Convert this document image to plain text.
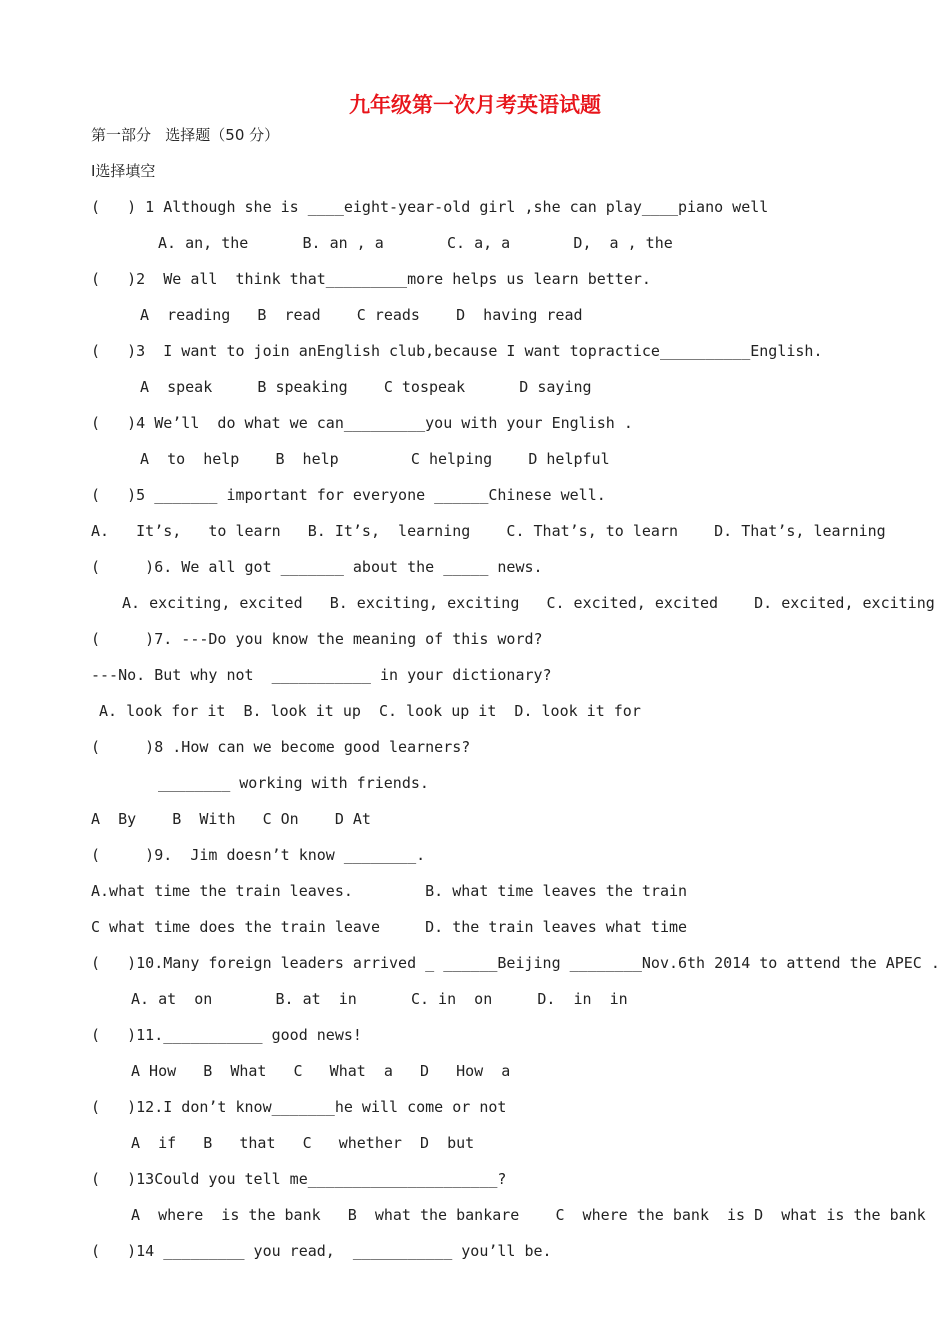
九年级第一次月考英语试题
第一部分   选择题（50 分）
I选择填空
(   ) 1 Although she is ____eight-year-old girl ,she can play____piano well
A. an, the      B. an , a       C. a, a       D,  a , the
(   )2  We all  think that_________more helps us learn better.
A  reading   B  read    C reads    D  having read
(   )3  I want to join anEnglish club,because I want topractice__________English.
A  speak     B speaking    C tospeak      D saying
(   )4 We’ll  do what we can_________you with your English .
A  to  help    B  help        C helping    D helpful
(   )5 _______ important for everyone ______Chinese well.
A.   It’s,   to learn   B. It’s,  learning    C. That’s, to learn    D. That’s, learning
(     )6. We all got _______ about the _____ news.
A. exciting, excited   B. exciting, exciting   C. excited, excited    D. excited, exciting
(     )7. ---Do you know the meaning of this word?
---No. But why not  ___________ in your dictionary?
A. look for it  B. look it up  C. look up it  D. look it for
(     )8 .How can we become good learners?
________ working with friends.
A  By    B  With   C On    D At
(     )9.  Jim doesn’t know ________.
A.what time the train leaves.        B. what time leaves the train
C what time does the train leave     D. the train leaves what time
(   )10.Many foreign leaders arrived _ ______Beijing ________Nov.6th 2014 to attend the APEC .
A. at  on       B. at  in      C. in  on     D.  in  in
(   )11.___________ good news!
A How   B  What   C   What  a   D   How  a
(   )12.I don’t know_______he will come or not
A  if   B   that   C   whether  D  but
(   )13Could you tell me_____________________?
A  where  is the bank   B  what the bankare    C  where the bank  is D  what is the bank
(   )14 _________ you read,  ___________ you’ll be.
